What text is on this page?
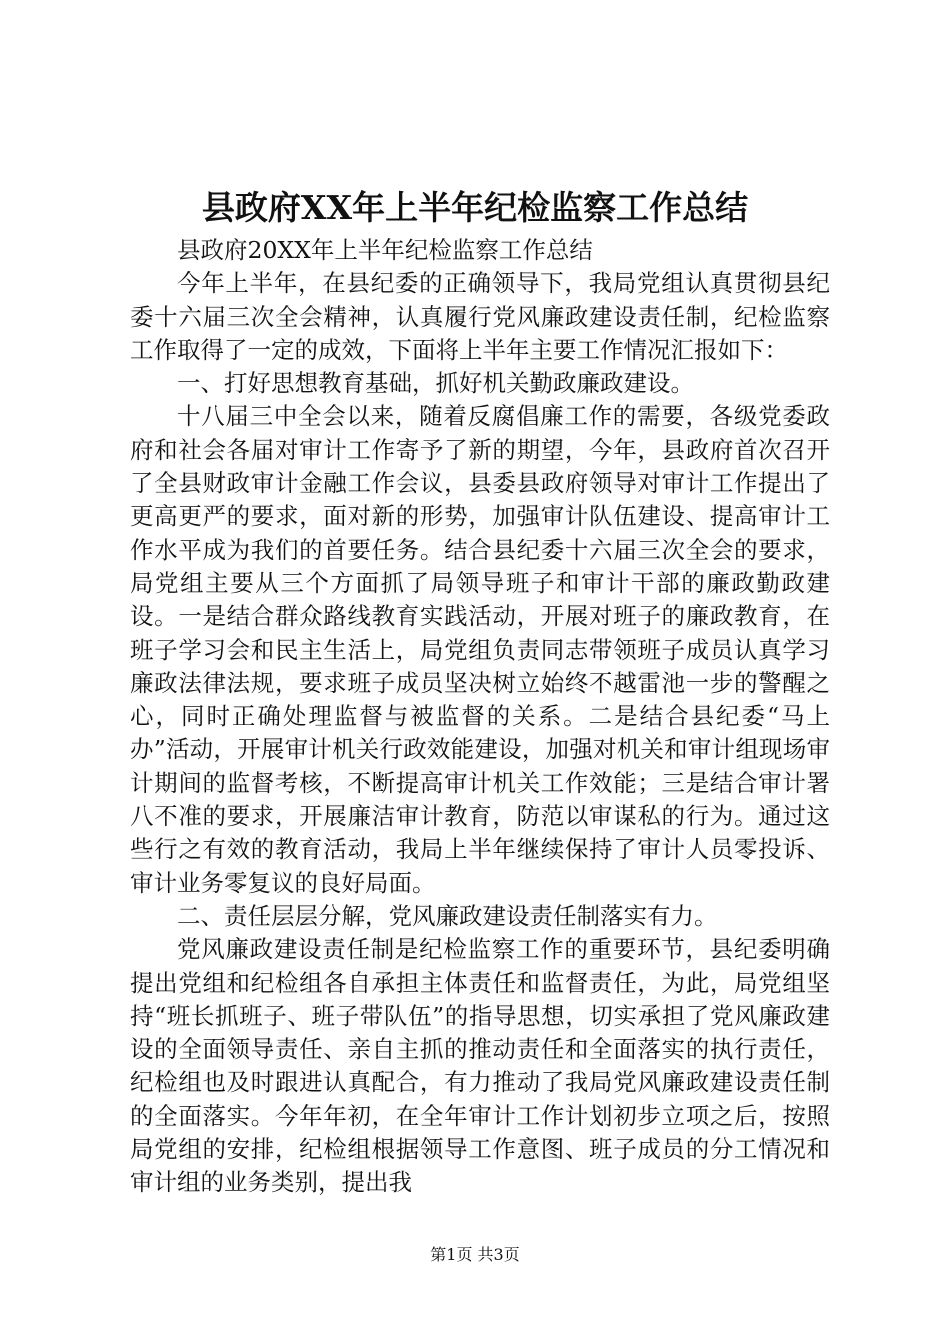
县政府XX年上半年纪检监察工作总结

县政府20XX年上半年纪检监察工作总结

今年上半年，在县纪委的正确领导下，我局党组认真贯彻县纪委十六届三次全会精神，认真履行党风廉政建设责任制，纪检监察工作取得了一定的成效，下面将上半年主要工作情况汇报如下：

一、打好思想教育基础，抓好机关勤政廉政建设。

十八届三中全会以来，随着反腐倡廉工作的需要，各级党委政府和社会各届对审计工作寄予了新的期望，今年，县政府首次召开了全县财政审计金融工作会议，县委县政府领导对审计工作提出了更高更严的要求，面对新的形势，加强审计队伍建设、提高审计工作水平成为我们的首要任务。结合县纪委十六届三次全会的要求，局党组主要从三个方面抓了局领导班子和审计干部的廉政勤政建设。一是结合群众路线教育实践活动，开展对班子的廉政教育，在班子学习会和民主生活上，局党组负责同志带领班子成员认真学习廉政法律法规，要求班子成员坚决树立始终不越雷池一步的警醒之心，同时正确处理监督与被监督的关系。二是结合县纪委“马上办”活动，开展审计机关行政效能建设，加强对机关和审计组现场审计期间的监督考核，不断提高审计机关工作效能；三是结合审计署八不准的要求，开展廉洁审计教育，防范以审谋私的行为。通过这些行之有效的教育活动，我局上半年继续保持了审计人员零投诉、审计业务零复议的良好局面。

二、责任层层分解，党风廉政建设责任制落实有力。

党风廉政建设责任制是纪检监察工作的重要环节，县纪委明确提出党组和纪检组各自承担主体责任和监督责任，为此，局党组坚持“班长抓班子、班子带队伍”的指导思想，切实承担了党风廉政建设的全面领导责任、亲自主抓的推动责任和全面落实的执行责任，纪检组也及时跟进认真配合，有力推动了我局党风廉政建设责任制的全面落实。今年年初，在全年审计工作计划初步立项之后，按照局党组的安排，纪检组根据领导工作意图、班子成员的分工情况和审计组的业务类别，提出我

第1页 共3页
